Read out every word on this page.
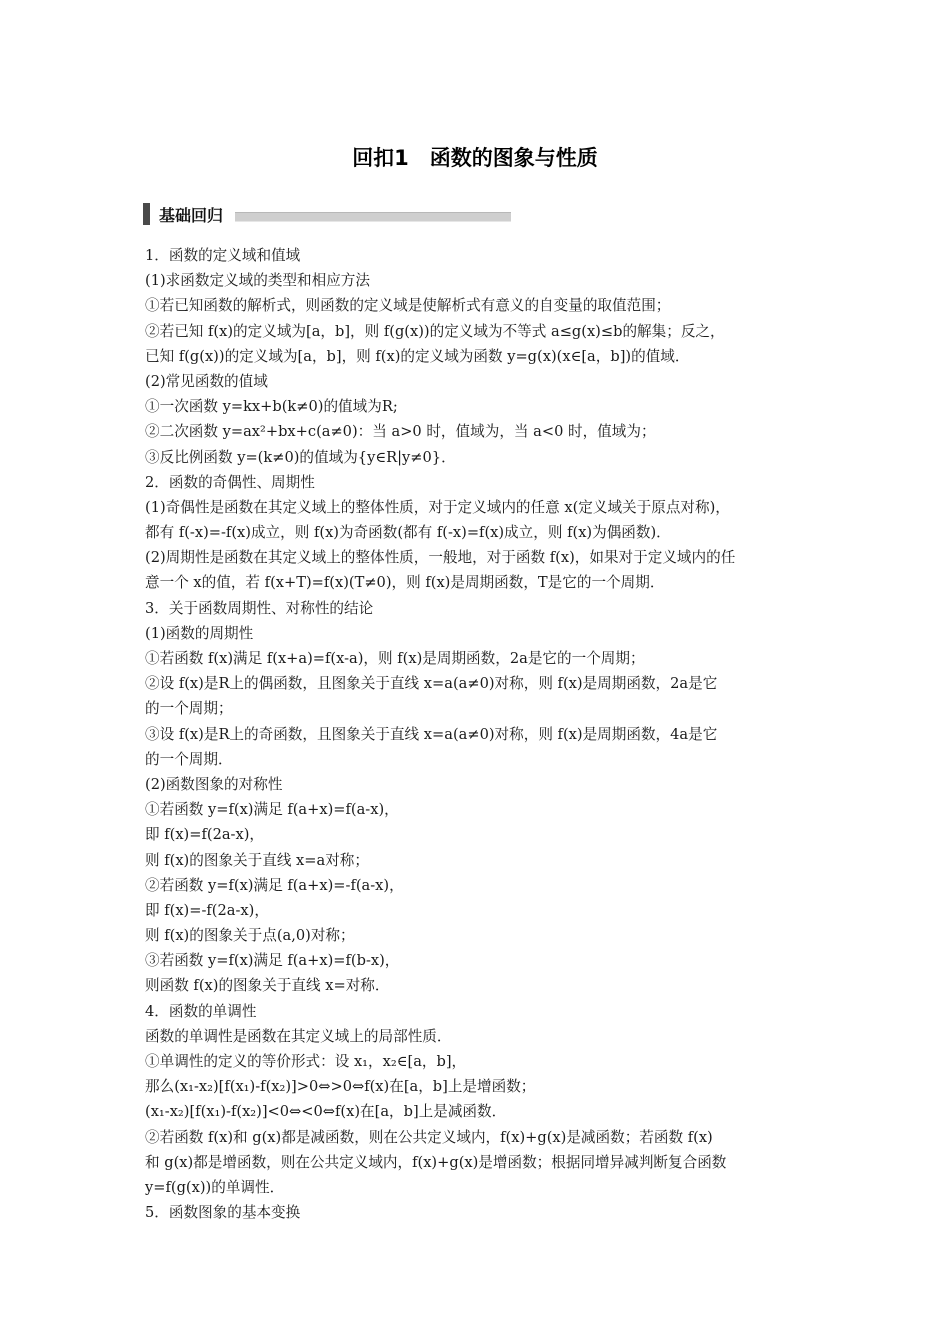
回扣1　函数的图象与性质
基础回归
1．函数的定义域和值域
(1)求函数定义域的类型和相应方法
①若已知函数的解析式，则函数的定义域是使解析式有意义的自变量的取值范围；
②若已知 f(x)的定义域为[a，b]，则 f(g(x))的定义域为不等式 a≤g(x)≤b的解集；反之，
已知 f(g(x))的定义域为[a，b]，则 f(x)的定义域为函数 y=g(x)(x∈[a，b])的值域．
(2)常见函数的值域
①一次函数 y=kx+b(k≠0)的值域为R;
②二次函数 y=ax²+bx+c(a≠0)：当 a>0 时，值域为，当 a<0 时，值域为；
③反比例函数 y=(k≠0)的值域为{y∈R|y≠0}．
2．函数的奇偶性、周期性
(1)奇偶性是函数在其定义域上的整体性质，对于定义域内的任意 x(定义域关于原点对称)，
都有 f(-x)=-f(x)成立，则 f(x)为奇函数(都有 f(-x)=f(x)成立，则 f(x)为偶函数)．
(2)周期性是函数在其定义域上的整体性质，一般地，对于函数 f(x)，如果对于定义域内的任
意一个 x的值，若 f(x+T)=f(x)(T≠0)，则 f(x)是周期函数，T是它的一个周期．
3．关于函数周期性、对称性的结论
(1)函数的周期性
①若函数 f(x)满足 f(x+a)=f(x-a)，则 f(x)是周期函数，2a是它的一个周期；
②设 f(x)是R上的偶函数，且图象关于直线 x=a(a≠0)对称，则 f(x)是周期函数，2a是它
的一个周期；
③设 f(x)是R上的奇函数，且图象关于直线 x=a(a≠0)对称，则 f(x)是周期函数，4a是它
的一个周期．
(2)函数图象的对称性
①若函数 y=f(x)满足 f(a+x)=f(a-x)，
即 f(x)=f(2a-x)，
则 f(x)的图象关于直线 x=a对称；
②若函数 y=f(x)满足 f(a+x)=-f(a-x)，
即 f(x)=-f(2a-x)，
则 f(x)的图象关于点(a,0)对称；
③若函数 y=f(x)满足 f(a+x)=f(b-x)，
则函数 f(x)的图象关于直线 x=对称．
4．函数的单调性
函数的单调性是函数在其定义域上的局部性质．
①单调性的定义的等价形式：设 x₁，x₂∈[a，b]，
那么(x₁-x₂)[f(x₁)-f(x₂)]>0⇔>0⇔f(x)在[a，b]上是增函数；
(x₁-x₂)[f(x₁)-f(x₂)]<0⇔<0⇔f(x)在[a，b]上是减函数．
②若函数 f(x)和 g(x)都是减函数，则在公共定义域内，f(x)+g(x)是减函数；若函数 f(x)
和 g(x)都是增函数，则在公共定义域内，f(x)+g(x)是增函数；根据同增异减判断复合函数
y=f(g(x))的单调性．
5．函数图象的基本变换
